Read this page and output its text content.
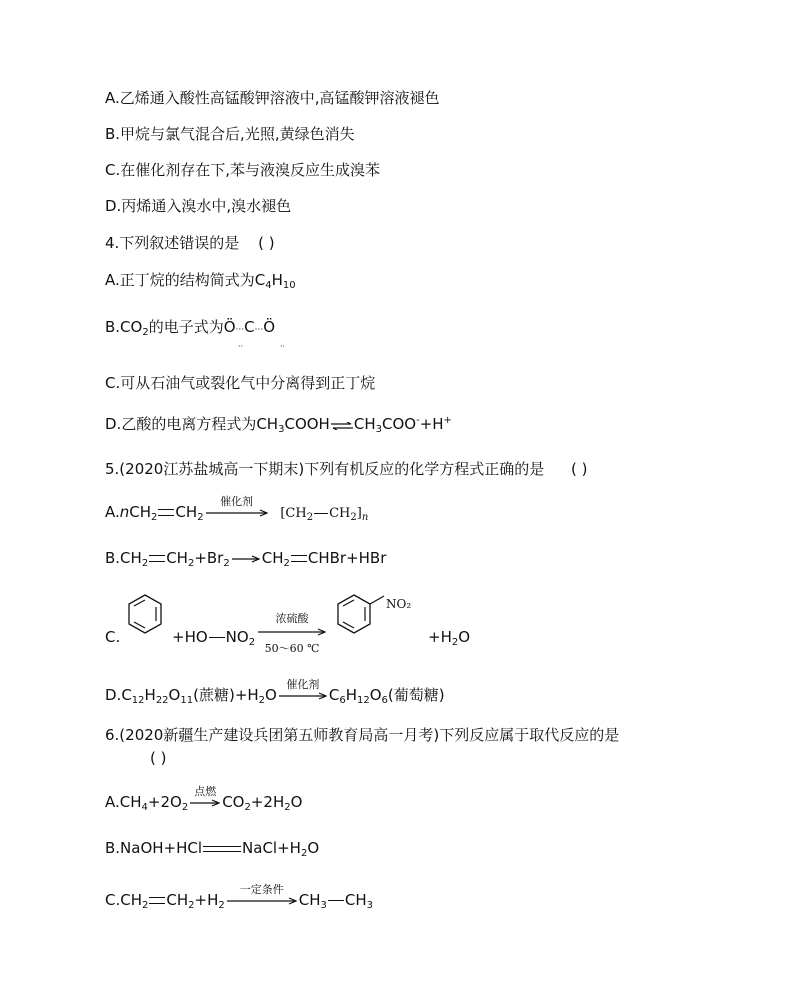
A.乙烯通入酸性高锰酸钾溶液中,高锰酸钾溶液褪色
B.甲烷与氯气混合后,光照,黄绿色消失
C.在催化剂存在下,苯与液溴反应生成溴苯
D.丙烯通入溴水中,溴水褪色
4.下列叙述错误的是 ( )
A.正丁烷的结构简式为$C_4H_{10}$
$B.CO_2$的电子式为Ö···C···Ö
··	··
C.可从石油气或裂化气中分离得到正丁烷
D.乙酸的电离方程式为$CH_3COOH\rightleftharpoons CH_3COO^-+H^+$
5.(2020江苏盐城高一下期末)下列有机反应的化学方程式正确的是 ( )
A.nCH$_2$ $CH_2$
催化剂
[$CH_2$ $CH_2]_n$
$B.CH_2$ $CH_2+Br_2$ $CH_2$ CHBr+HBr
C.	+HO $NO_2$
浓硫酸
50～60 ℃
NO₂
$+H_2O$
$D.C_{12}H_{22}O_{11}$(蔗糖)$+H_2O$
催化剂
$C_6H_{12}O_6$(葡萄糖)
6.(2020新疆生产建设兵团第五师教育局高一月考)下列反应属于取代反应的是
( )
$A.CH_4+2O_2$
点燃
$CO_2+2H_2O$
B.NaOH+HCl	$NaCl+H_2O$
$C.CH_2$ $CH_2+H_2$
一定条件
$CH_3$ $CH_3$
